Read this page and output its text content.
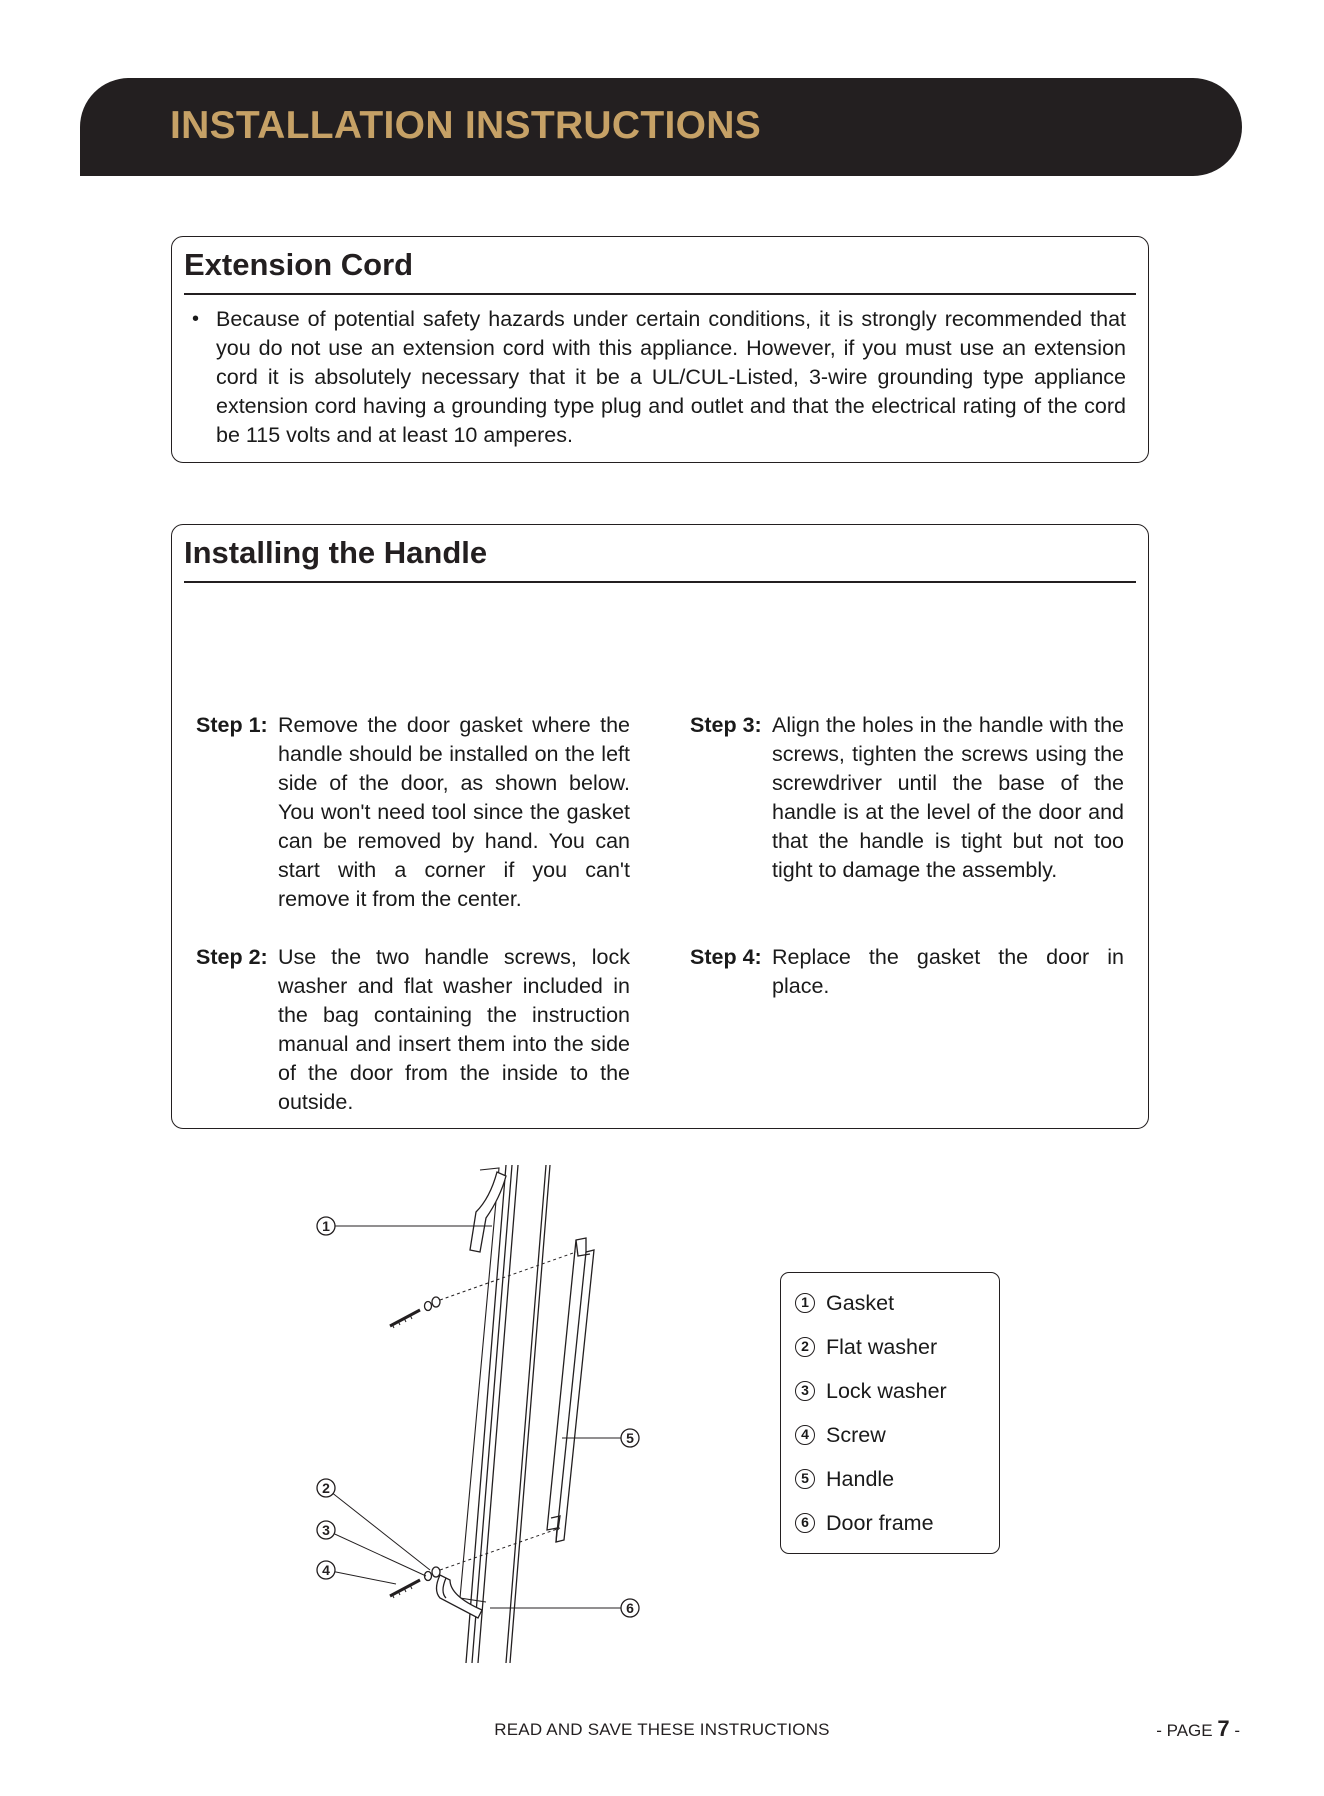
INSTALLATION INSTRUCTIONS
Extension Cord
• Because of potential safety hazards under certain conditions, it is strongly recommended that you do not use an extension cord with this appliance. However, if you must use an extension cord it is absolutely necessary that it be a UL/CUL-Listed, 3-wire grounding type appliance extension cord having a grounding type plug and outlet and that the electrical rating of the cord be 115 volts and at least 10 amperes.
Installing the Handle
Step 1: Remove the door gasket where the handle should be installed on the left side of the door, as shown below. You won't need tool since the gasket can be removed by hand. You can start with a corner if you can't remove it from the center.
Step 2: Use the two handle screws, lock washer and flat washer included in the bag containing the instruction manual and insert them into the side of the door from the inside to the outside.
Step 3: Align the holes in the handle with the screws, tighten the screws using the screwdriver until the base of the handle is at the level of the door and that the handle is tight but not too tight to damage the assembly.
Step 4: Replace the gasket the door in place.
1
2
3
4
5
6
1 Gasket
2 Flat washer
3 Lock washer
4 Screw
5 Handle
6 Door frame
READ AND SAVE THESE INSTRUCTIONS	- PAGE 7 -
